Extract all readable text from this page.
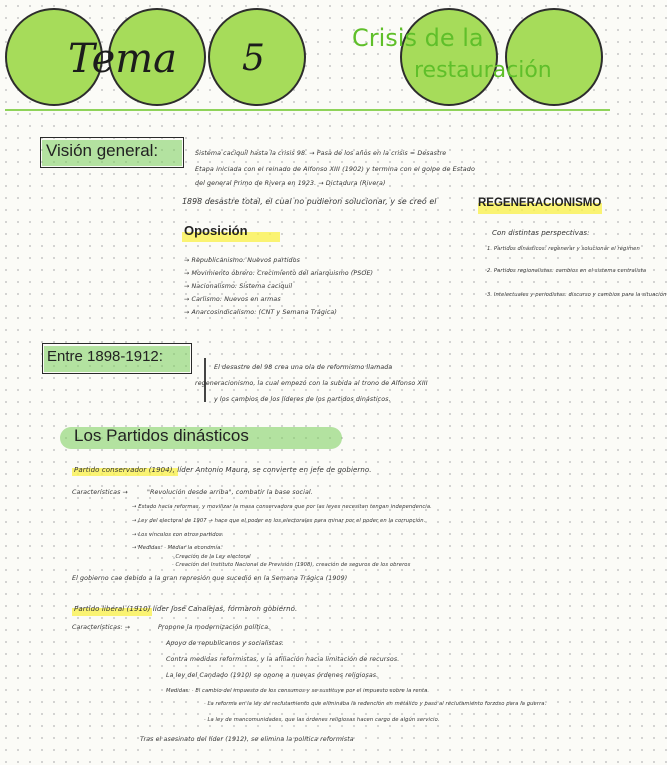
Tema 5	Crisis de la
restauración
Visión general:	Sistema caciquil hasta la crisis 98. → Pasa de los años en la crisis = Desastre
Etapa iniciada con el reinado de Alfonso XIII (1902) y termina con el golpe de Estado
del general Primo de Rivera en 1923. → Dictadura (Rivera)
1898 desastre total, el cual no pudieron solucionar, y se creó el	REGENERACIONISMO
Con distintas perspectivas:
1. Partidos dinásticos: regenerar y solucionar el régimen
2. Partidos regionalistas: cambios en el sistema centralista
3. Intelectuales y periodistas: discurso y cambios para la situación
Oposición
→ Republicanismo: Nuevos partidos
→ Movimiento obrero: Crecimiento del anarquismo (PSOE)
→ Nacionalismo: Sistema caciquil
→ Carlismo: Nuevos en armas
→ Anarcosindicalismo: (CNT y Semana Trágica)
Entre 1898-1912:
El desastre del 98 crea una ola de reformismo llamada
regeneracionismo, la cual empezó con la subida al trono de Alfonso XIII
y los cambios de los líderes de los partidos dinásticos.
Los Partidos dinásticos
Partido conservador (1904), líder Antonio Maura, se convierte en jefe de gobierno.
Características →	"Revolución desde arriba", combatir la base social.
→ Estado hacia reformas, y movilizar la masa conservadora que por las leyes necesitan tengan independencia.
→ Ley del electoral de 1907 → hace que el poder en los electorales para minar por el poder en la corrupción.
→ Los vínculos con otros partidos.
→ Medidas: · Mediar la economía.
· Creación de la Ley electoral
· Creación del Instituto Nacional de Previsión (1908), creación de seguros de los obreros
El gobierno cae debido a la gran represión que sucedió en la Semana Trágica (1909)
Partido liberal (1910) líder José Canalejas, formaron gobierno.
Características: →	Propone la modernización política.
Apoyo de republicanos y socialistas.
Contra medidas reformistas, y la afiliación hacia limitación de recursos.
La ley del Candado (1910) se opone a nuevas órdenes religiosas.
Medidas: · El cambio del impuesto de los consumos y se sustituye por el impuesto sobre la renta.
· La reforma en la ley de reclutamiento que eliminaba la redención en metálico y pasó al reclutamiento forzoso para la guerra.
· La ley de mancomunidades, que las órdenes religiosas hacen cargo de algún servicio.
Tras el asesinato del líder (1912), se elimina la política reformista
